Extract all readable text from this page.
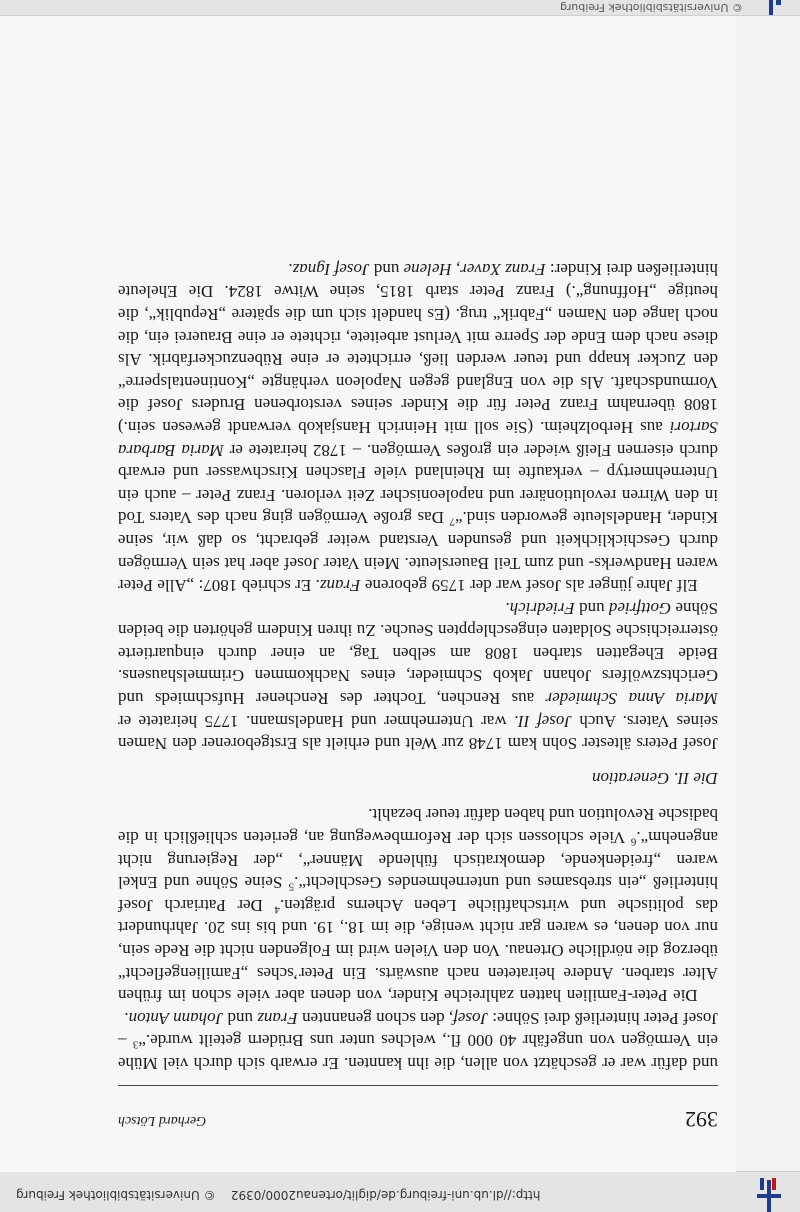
http://dl.ub.uni-freiburg.de/diglit/ortenau2000/0392    © Universitätsbibliothek Freiburg
392
Gerhard Lötsch

und dafür war er geschätzt von allen, die ihn kannten. Er erwarb sich durch viel Mühe ein Vermögen von ungefähr 40 000 fl., welches unter uns Brüdern geteilt wurde.“$^3$ – Josef Peter hinterließ drei Söhne: Josef, den schon genannten Franz und Johann Anton.

Die Peter-Familien hatten zahlreiche Kinder, von denen aber viele schon im frühen Alter starben. Andere heirateten nach auswärts. Ein Peter’sches „Familiengeflecht“ überzog die nördliche Ortenau. Von den Vielen wird im Folgenden nicht die Rede sein, nur von denen, es waren gar nicht wenige, die im 18., 19. und bis ins 20. Jahrhundert das politische und wirtschaftliche Leben Acherns prägten.$^4$ Der Patriarch Josef hinterließ „ein strebsames und unternehmendes Geschlecht“.$^5$ Seine Söhne und Enkel waren „freidenkende, demokratisch fühlende Männer“, „der Regierung nicht angenehm“.$^6$ Viele schlossen sich der Reformbewegung an, gerieten schließlich in die badische Revolution und haben dafür teuer bezahlt.

Die II. Generation

Josef Peters ältester Sohn kam 1748 zur Welt und erhielt als Erstgeborener den Namen seines Vaters. Auch Josef II. war Unternehmer und Handelsmann. 1775 heiratete er Maria Anna Schmieder aus Renchen, Tochter des Renchener Hufschmieds und Gerichtszwölfers Johann Jakob Schmieder, eines Nachkommen Grimmelshausens. Beide Ehegatten starben 1808 am selben Tag, an einer durch einquartierte österreichische Soldaten eingeschleppten Seuche. Zu ihren Kindern gehörten die beiden Söhne Gottfried und Friedrich.

Elf Jahre jünger als Josef war der 1759 geborene Franz. Er schrieb 1807: „Alle Peter waren Handwerks- und zum Teil Bauersleute. Mein Vater Josef aber hat sein Vermögen durch Geschicklichkeit und gesunden Verstand weiter gebracht, so daß wir, seine Kinder, Handelsleute geworden sind.“$^7$ Das große Vermögen ging nach des Vaters Tod in den Wirren revolutionärer und napoleonischer Zeit verloren. Franz Peter – auch ein Unternehmertyp – verkaufte im Rheinland viele Flaschen Kirschwasser und erwarb durch eisernen Fleiß wieder ein großes Vermögen. – 1782 heiratete er Maria Barbara Sartori aus Herbolzheim. (Sie soll mit Heinrich Hansjakob verwandt gewesen sein.) 1808 übernahm Franz Peter für die Kinder seines verstorbenen Bruders Josef die Vormundschaft. Als die von England gegen Napoleon verhängte „Kontinentalsperre“ den Zucker knapp und teuer werden ließ, errichtete er eine Rübenzuckerfabrik. Als diese nach dem Ende der Sperre mit Verlust arbeitete, richtete er eine Brauerei ein, die noch lange den Namen „Fabrik“ trug. (Es handelt sich um die spätere „Republik“, die heutige „Hoffnung“.) Franz Peter starb 1815, seine Witwe 1824. Die Eheleute hinterließen drei Kinder: Franz Xaver, Helene und Josef Ignaz.

© Universitätsbibliothek Freiburg
